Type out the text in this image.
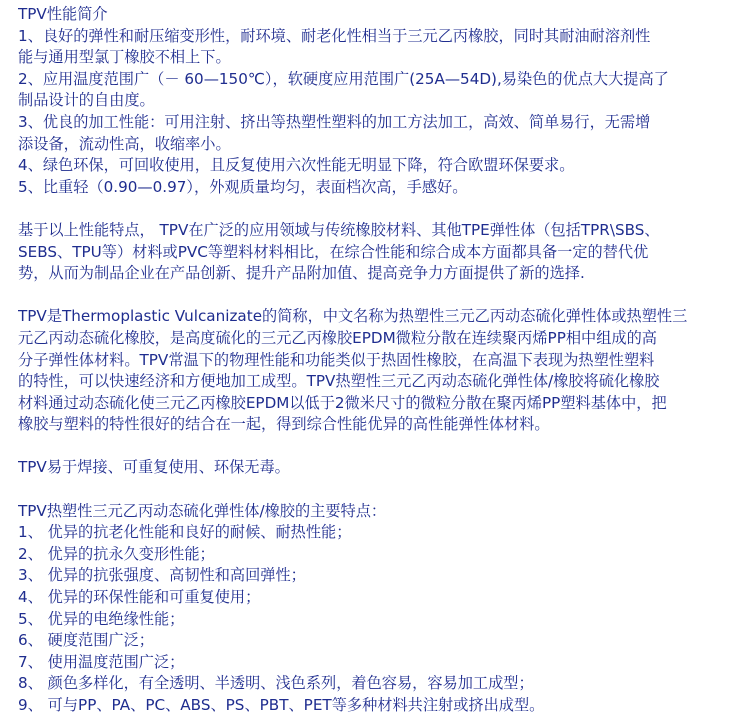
TPV性能简介
1、良好的弹性和耐压缩变形性，耐环境、耐老化性相当于三元乙丙橡胶，同时其耐油耐溶剂性
能与通用型氯丁橡胶不相上下。
2、应用温度范围广（－ 60—150℃），软硬度应用范围广(25A—54D),易染色的优点大大提高了
制品设计的自由度。
3、优良的加工性能：可用注射、挤出等热塑性塑料的加工方法加工，高效、简单易行，无需增
添设备，流动性高，收缩率小。
4、绿色环保，可回收使用，且反复使用六次性能无明显下降，符合欧盟环保要求。
5、比重轻（0.90—0.97），外观质量均匀，表面档次高，手感好。
基于以上性能特点， TPV在广泛的应用领域与传统橡胶材料、其他TPE弹性体（包括TPR\SBS、
SEBS、TPU等）材料或PVC等塑料材料相比，在综合性能和综合成本方面都具备一定的替代优
势，从而为制品企业在产品创新、提升产品附加值、提高竞争力方面提供了新的选择.
TPV是Thermoplastic Vulcanizate的简称，中文名称为热塑性三元乙丙动态硫化弹性体或热塑性三
元乙丙动态硫化橡胶，是高度硫化的三元乙丙橡胶EPDM微粒分散在连续聚丙烯PP相中组成的高
分子弹性体材料。TPV常温下的物理性能和功能类似于热固性橡胶，在高温下表现为热塑性塑料
的特性，可以快速经济和方便地加工成型。TPV热塑性三元乙丙动态硫化弹性体/橡胶将硫化橡胶
材料通过动态硫化使三元乙丙橡胶EPDM以低于2微米尺寸的微粒分散在聚丙烯PP塑料基体中，把
橡胶与塑料的特性很好的结合在一起，得到综合性能优异的高性能弹性体材料。
TPV易于焊接、可重复使用、环保无毒。
TPV热塑性三元乙丙动态硫化弹性体/橡胶的主要特点：
1、 优异的抗老化性能和良好的耐候、耐热性能；
2、 优异的抗永久变形性能；
3、 优异的抗张强度、高韧性和高回弹性；
4、 优异的环保性能和可重复使用；
5、 优异的电绝缘性能；
6、 硬度范围广泛；
7、 使用温度范围广泛；
8、 颜色多样化，有全透明、半透明、浅色系列，着色容易，容易加工成型；
9、 可与PP、PA、PC、ABS、PS、PBT、PET等多种材料共注射或挤出成型。
